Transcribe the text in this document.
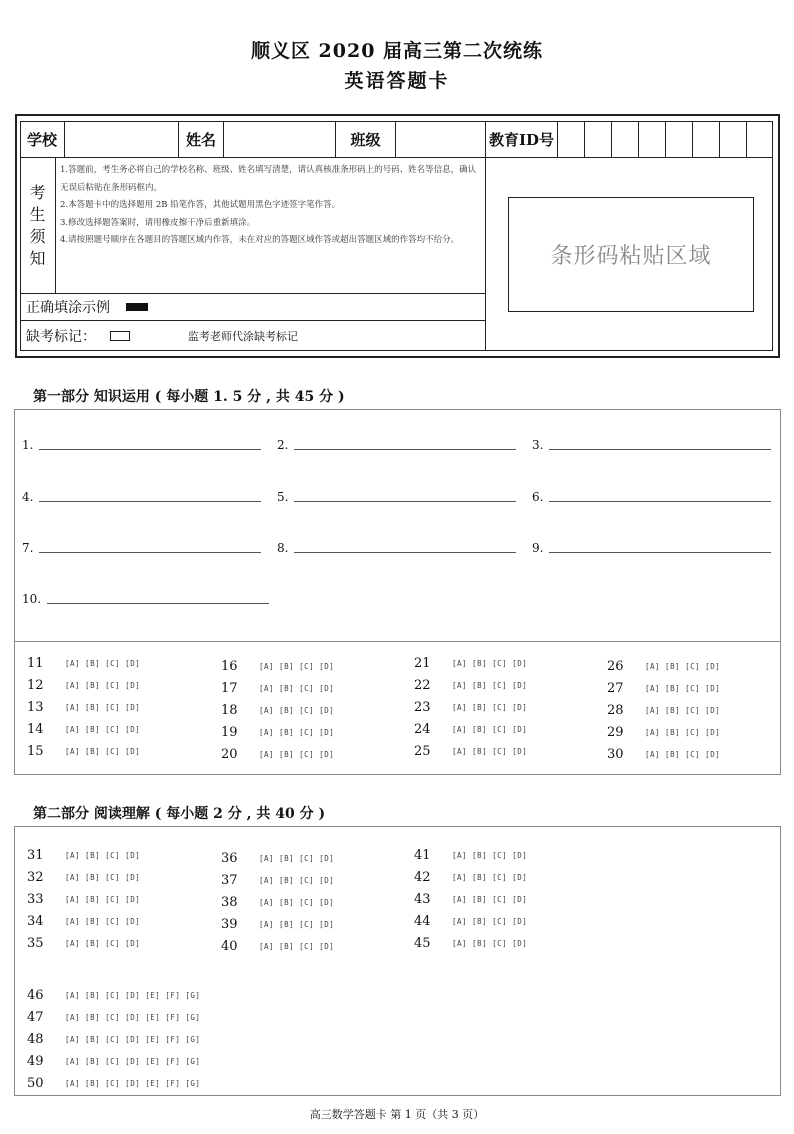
顺义区 2020 届高三第二次统练
英语答题卡
学校	姓名	班级	教育ID号
考
生
须
知
1.答题前，考生务必将自己的学校名称、班级、姓名填写清楚，请认真核准条形码上的号码、姓名等信息，确认无误后粘贴在条形码框内。
2.本答题卡中的选择题用 2B 铅笔作答，其他试题用黑色字迹签字笔作答。
3.修改选择题答案时，请用橡皮擦干净后重新填涂。
4.请按照题号顺序在各题目的答题区域内作答，未在对应的答题区域作答或超出答题区域的作答均不给分。
正确填涂示例
缺考标记：	监考老师代涂缺考标记
条形码粘贴区域
第一部分 知识运用 ( 每小题 1. 5 分 , 共 45 分 )
1.	2.	3.
4.	5.	6.
7.	8.	9.
10.
11	[A] [B] [C] [D]
12	[A] [B] [C] [D]
13	[A] [B] [C] [D]
14	[A] [B] [C] [D]
15	[A] [B] [C] [D]
16	[A] [B] [C] [D]
17	[A] [B] [C] [D]
18	[A] [B] [C] [D]
19	[A] [B] [C] [D]
20	[A] [B] [C] [D]
21	[A] [B] [C] [D]
22	[A] [B] [C] [D]
23	[A] [B] [C] [D]
24	[A] [B] [C] [D]
25	[A] [B] [C] [D]
26	[A] [B] [C] [D]
27	[A] [B] [C] [D]
28	[A] [B] [C] [D]
29	[A] [B] [C] [D]
30	[A] [B] [C] [D]
第二部分 阅读理解 ( 每小题 2 分 , 共 40 分 )
31	[A] [B] [C] [D]
32	[A] [B] [C] [D]
33	[A] [B] [C] [D]
34	[A] [B] [C] [D]
35	[A] [B] [C] [D]
36	[A] [B] [C] [D]
37	[A] [B] [C] [D]
38	[A] [B] [C] [D]
39	[A] [B] [C] [D]
40	[A] [B] [C] [D]
41	[A] [B] [C] [D]
42	[A] [B] [C] [D]
43	[A] [B] [C] [D]
44	[A] [B] [C] [D]
45	[A] [B] [C] [D]
46	[A] [B] [C] [D] [E] [F] [G]
47	[A] [B] [C] [D] [E] [F] [G]
48	[A] [B] [C] [D] [E] [F] [G]
49	[A] [B] [C] [D] [E] [F] [G]
50	[A] [B] [C] [D] [E] [F] [G]
高三数学答题卡 第 1 页（共 3 页）
